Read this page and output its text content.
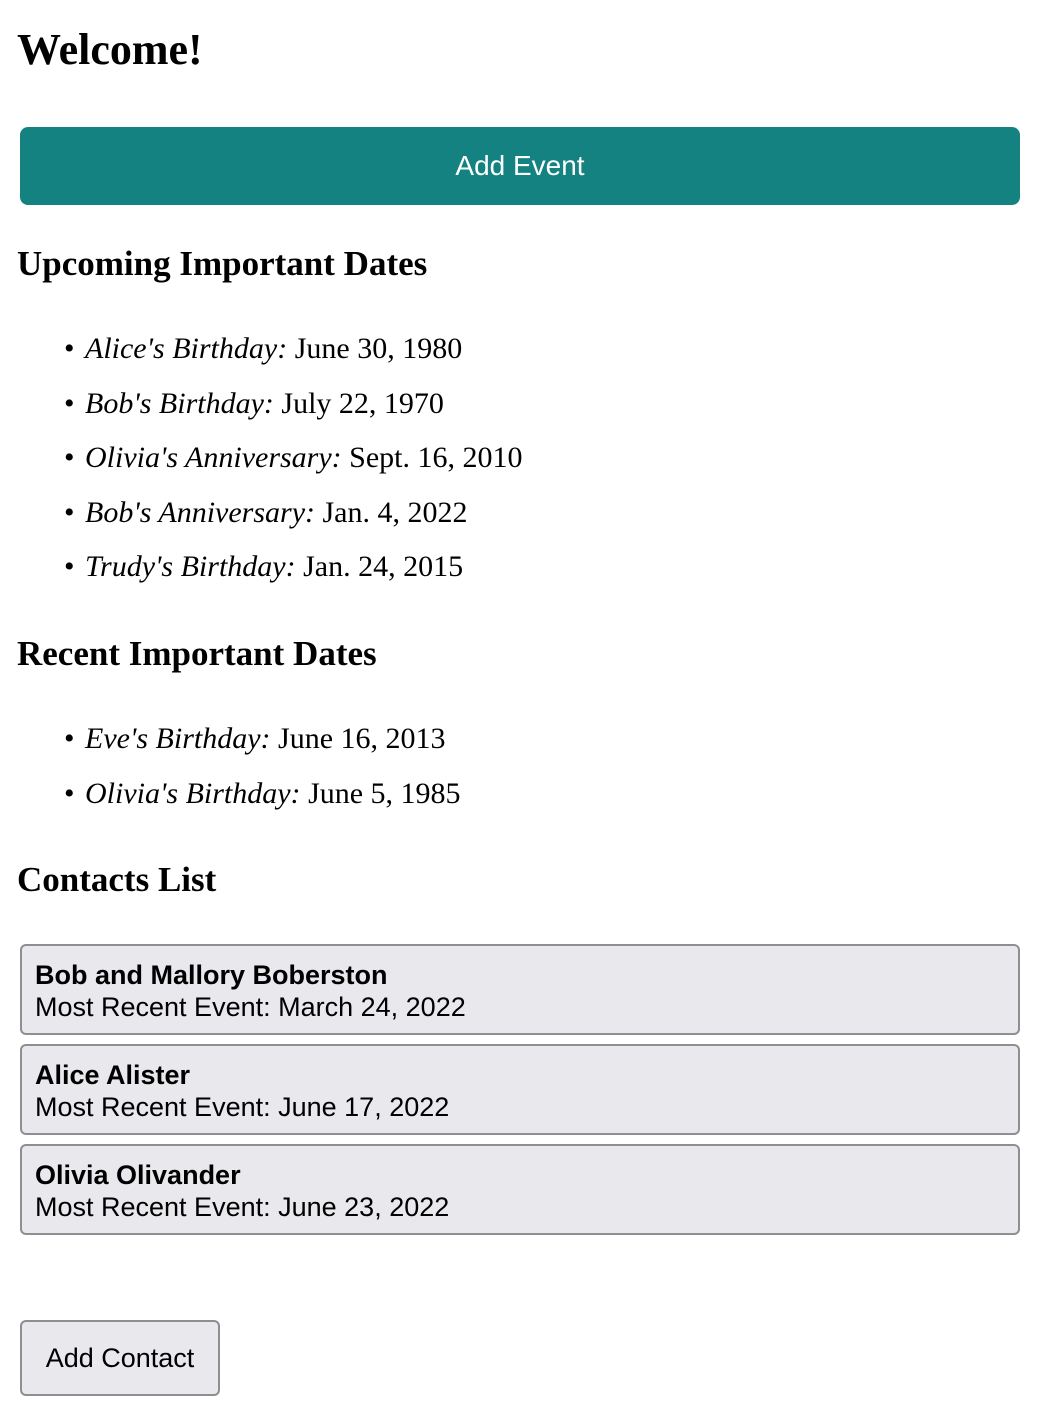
Welcome!
Add Event
Upcoming Important Dates
• Alice's Birthday: June 30, 1980
• Bob's Birthday: July 22, 1970
• Olivia's Anniversary: Sept. 16, 2010
• Bob's Anniversary: Jan. 4, 2022
• Trudy's Birthday: Jan. 24, 2015
Recent Important Dates
• Eve's Birthday: June 16, 2013
• Olivia's Birthday: June 5, 1985
Contacts List
Bob and Mallory Boberston
Most Recent Event: March 24, 2022
Alice Alister
Most Recent Event: June 17, 2022
Olivia Olivander
Most Recent Event: June 23, 2022
Add Contact
